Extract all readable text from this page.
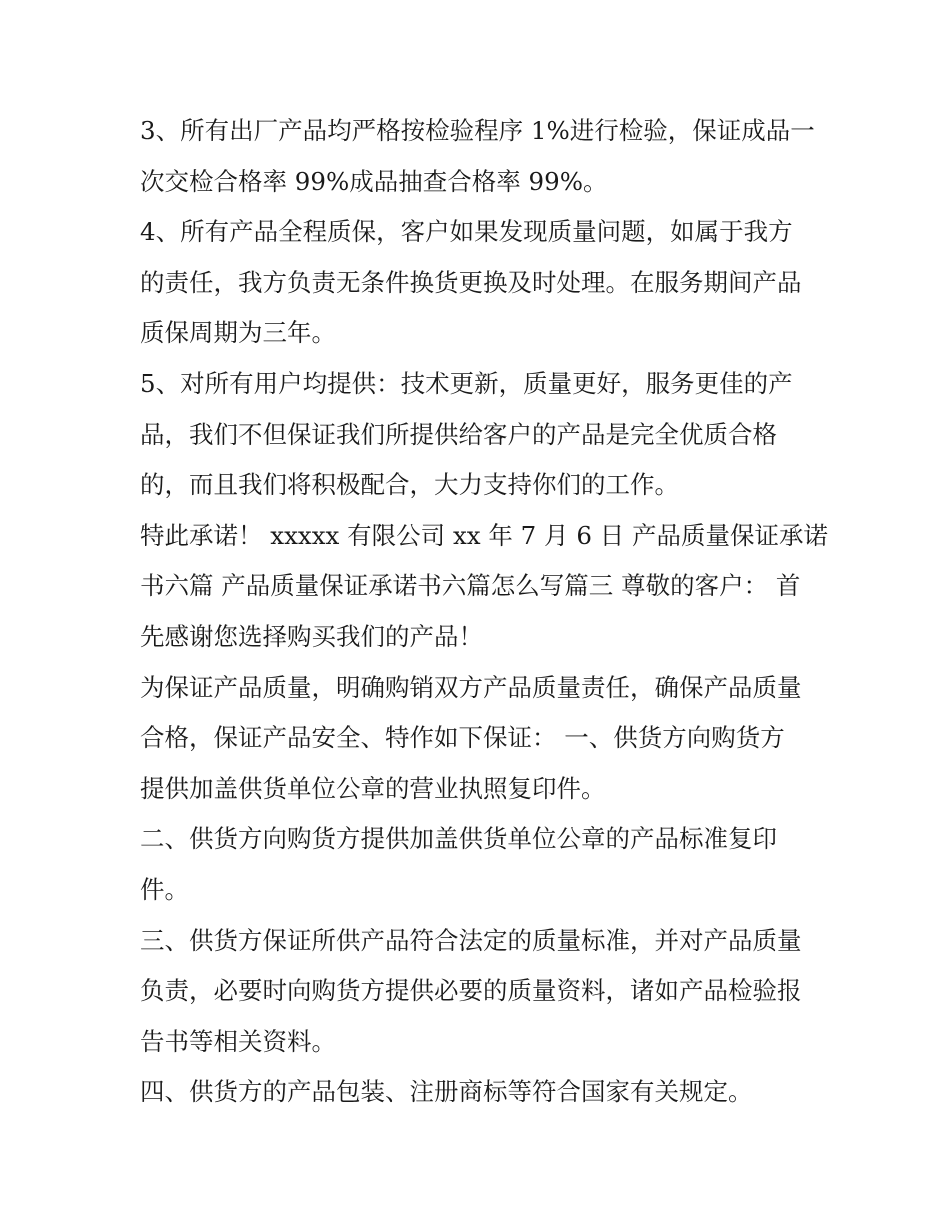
3、所有出厂产品均严格按检验程序 1%进行检验，保证成品一
次交检合格率 99%成品抽查合格率 99%。
4、所有产品全程质保，客户如果发现质量问题，如属于我方
的责任，我方负责无条件换货更换及时处理。在服务期间产品
质保周期为三年。
5、对所有用户均提供：技术更新，质量更好，服务更佳的产
品，我们不但保证我们所提供给客户的产品是完全优质合格
的，而且我们将积极配合，大力支持你们的工作。
特此承诺！ xxxxx 有限公司 xx 年 7 月 6 日 产品质量保证承诺
书六篇 产品质量保证承诺书六篇怎么写篇三 尊敬的客户： 首
先感谢您选择购买我们的产品！
为保证产品质量，明确购销双方产品质量责任，确保产品质量
合格，保证产品安全、特作如下保证： 一、供货方向购货方
提供加盖供货单位公章的营业执照复印件。
二、供货方向购货方提供加盖供货单位公章的产品标准复印
件。
三、供货方保证所供产品符合法定的质量标准，并对产品质量
负责，必要时向购货方提供必要的质量资料，诸如产品检验报
告书等相关资料。
四、供货方的产品包装、注册商标等符合国家有关规定。
